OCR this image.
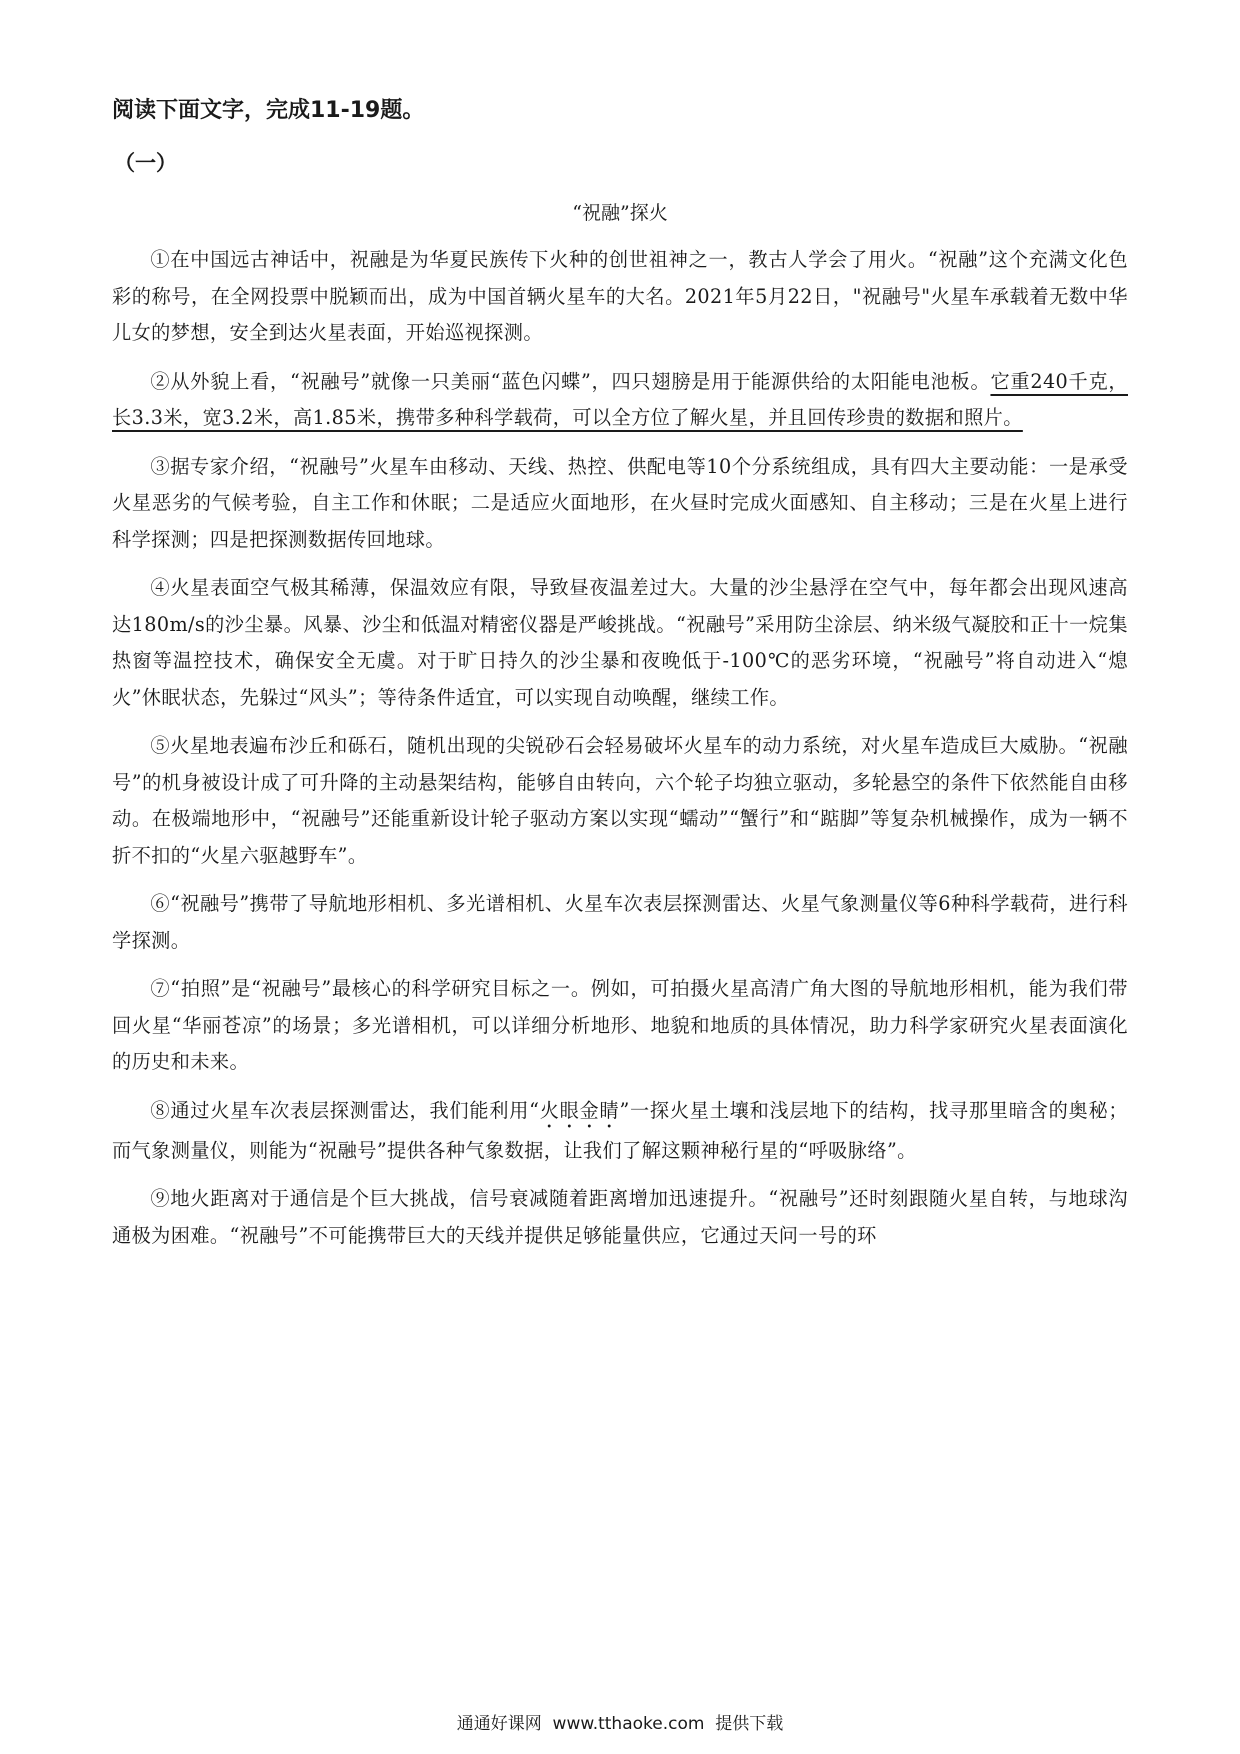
阅读下面文字，完成11-19题。
（一）
“祝融”探火

①在中国远古神话中，祝融是为华夏民族传下火种的创世祖神之一，教古人学会了用火。“祝融”这个充满文化色彩的称号，在全网投票中脱颖而出，成为中国首辆火星车的大名。2021年5月22日，"祝融号"火星车承载着无数中华儿女的梦想，安全到达火星表面，开始巡视探测。

②从外貌上看，“祝融号”就像一只美丽“蓝色闪蝶”，四只翅膀是用于能源供给的太阳能电池板。它重240千克，长3.3米，宽3.2米，高1.85米，携带多种科学载荷，可以全方位了解火星，并且回传珍贵的数据和照片。

③据专家介绍，“祝融号”火星车由移动、天线、热控、供配电等10个分系统组成，具有四大主要动能：一是承受火星恶劣的气候考验，自主工作和休眠；二是适应火面地形，在火昼时完成火面感知、自主移动；三是在火星上进行科学探测；四是把探测数据传回地球。

④火星表面空气极其稀薄，保温效应有限，导致昼夜温差过大。大量的沙尘悬浮在空气中，每年都会出现风速高达180m/s的沙尘暴。风暴、沙尘和低温对精密仪器是严峻挑战。“祝融号”采用防尘涂层、纳米级气凝胶和正十一烷集热窗等温控技术，确保安全无虞。对于旷日持久的沙尘暴和夜晚低于-100℃的恶劣环境，“祝融号”将自动进入“熄火”休眠状态，先躲过“风头”；等待条件适宜，可以实现自动唤醒，继续工作。

⑤火星地表遍布沙丘和砾石，随机出现的尖锐砂石会轻易破坏火星车的动力系统，对火星车造成巨大威胁。“祝融号”的机身被设计成了可升降的主动悬架结构，能够自由转向，六个轮子均独立驱动，多轮悬空的条件下依然能自由移动。在极端地形中，“祝融号”还能重新设计轮子驱动方案以实现“蠕动”“蟹行”和“踮脚”等复杂机械操作，成为一辆不折不扣的“火星六驱越野车”。

⑥“祝融号”携带了导航地形相机、多光谱相机、火星车次表层探测雷达、火星气象测量仪等6种科学载荷，进行科学探测。

⑦“拍照”是“祝融号”最核心的科学研究目标之一。例如，可拍摄火星高清广角大图的导航地形相机，能为我们带回火星“华丽苍凉”的场景；多光谱相机，可以详细分析地形、地貌和地质的具体情况，助力科学家研究火星表面演化的历史和未来。

⑧通过火星车次表层探测雷达，我们能利用“火眼金睛”一探火星土壤和浅层地下的结构，找寻那里暗含的奥秘；而气象测量仪，则能为“祝融号”提供各种气象数据，让我们了解这颗神秘行星的“呼吸脉络”。

⑨地火距离对于通信是个巨大挑战，信号衰减随着距离增加迅速提升。“祝融号”还时刻跟随火星自转，与地球沟通极为困难。“祝融号”不可能携带巨大的天线并提供足够能量供应，它通过天问一号的环

通通好课网 www.tthaoke.com 提供下载
